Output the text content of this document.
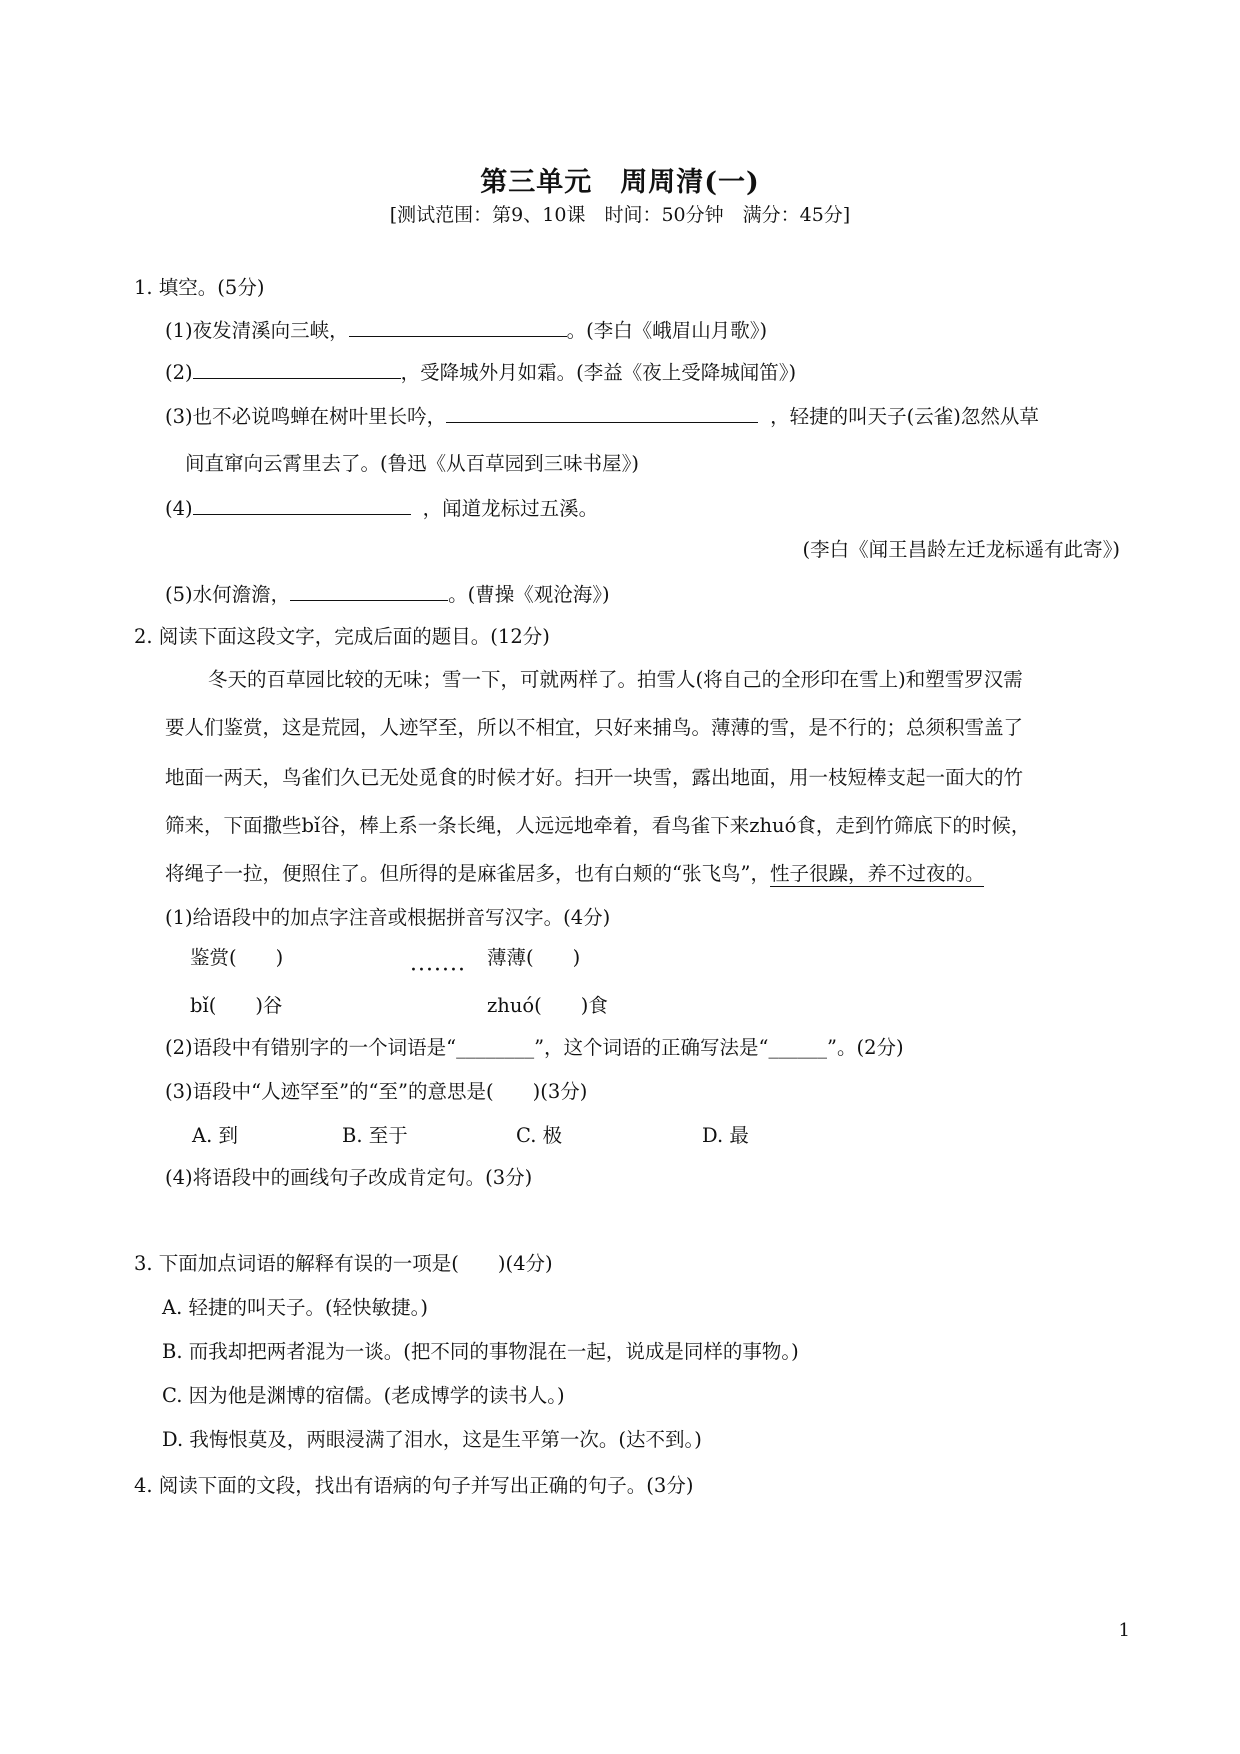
第三单元　周周清(一)
[测试范围：第9、10课　时间：50分钟　满分：45分]
1. 填空。(5分)
(1)夜发清溪向三峡，	。(李白《峨眉山月歌》)
(2)	，受降城外月如霜。(李益《夜上受降城闻笛》)
(3)也不必说鸣蝉在树叶里长吟，	，轻捷的叫天子(云雀)忽然从草
间直窜向云霄里去了。(鲁迅《从百草园到三味书屋》)
(4)	，闻道龙标过五溪。
(李白《闻王昌龄左迁龙标遥有此寄》)
(5)水何澹澹，	。(曹操《观沧海》)
2. 阅读下面这段文字，完成后面的题目。(12分)
冬天的百草园比较的无味；雪一下，可就两样了。拍雪人(将自己的全形印在雪上)和塑雪罗汉需
要人们鉴赏，这是荒园，人迹罕至，所以不相宜，只好来捕鸟。薄薄的雪，是不行的；总须积雪盖了
地面一两天，鸟雀们久已无处觅食的时候才好。扫开一块雪，露出地面，用一枝短棒支起一面大的竹
筛来，下面撒些bǐ谷，棒上系一条长绳，人远远地牵着，看鸟雀下来zhuó食，走到竹筛底下的时候，
将绳子一拉，便照住了。但所得的是麻雀居多，也有白颊的“张飞鸟”，性子很躁，养不过夜的。
(1)给语段中的加点字注音或根据拼音写汉字。(4分)
鉴赏(　　)	薄薄(　　)
·······
bǐ(　　)谷	zhuó(　　)食
(2)语段中有错别字的一个词语是“________”，这个词语的正确写法是“______”。(2分)
(3)语段中“人迹罕至”的“至”的意思是(　　)(3分)
A. 到	B. 至于	C. 极	D. 最
(4)将语段中的画线句子改成肯定句。(3分)
3. 下面加点词语的解释有误的一项是(　　)(4分)
A. 轻捷的叫天子。(轻快敏捷。)
B. 而我却把两者混为一谈。(把不同的事物混在一起，说成是同样的事物。)
C. 因为他是渊博的宿儒。(老成博学的读书人。)
D. 我悔恨莫及，两眼浸满了泪水，这是生平第一次。(达不到。)
4. 阅读下面的文段，找出有语病的句子并写出正确的句子。(3分)
1
